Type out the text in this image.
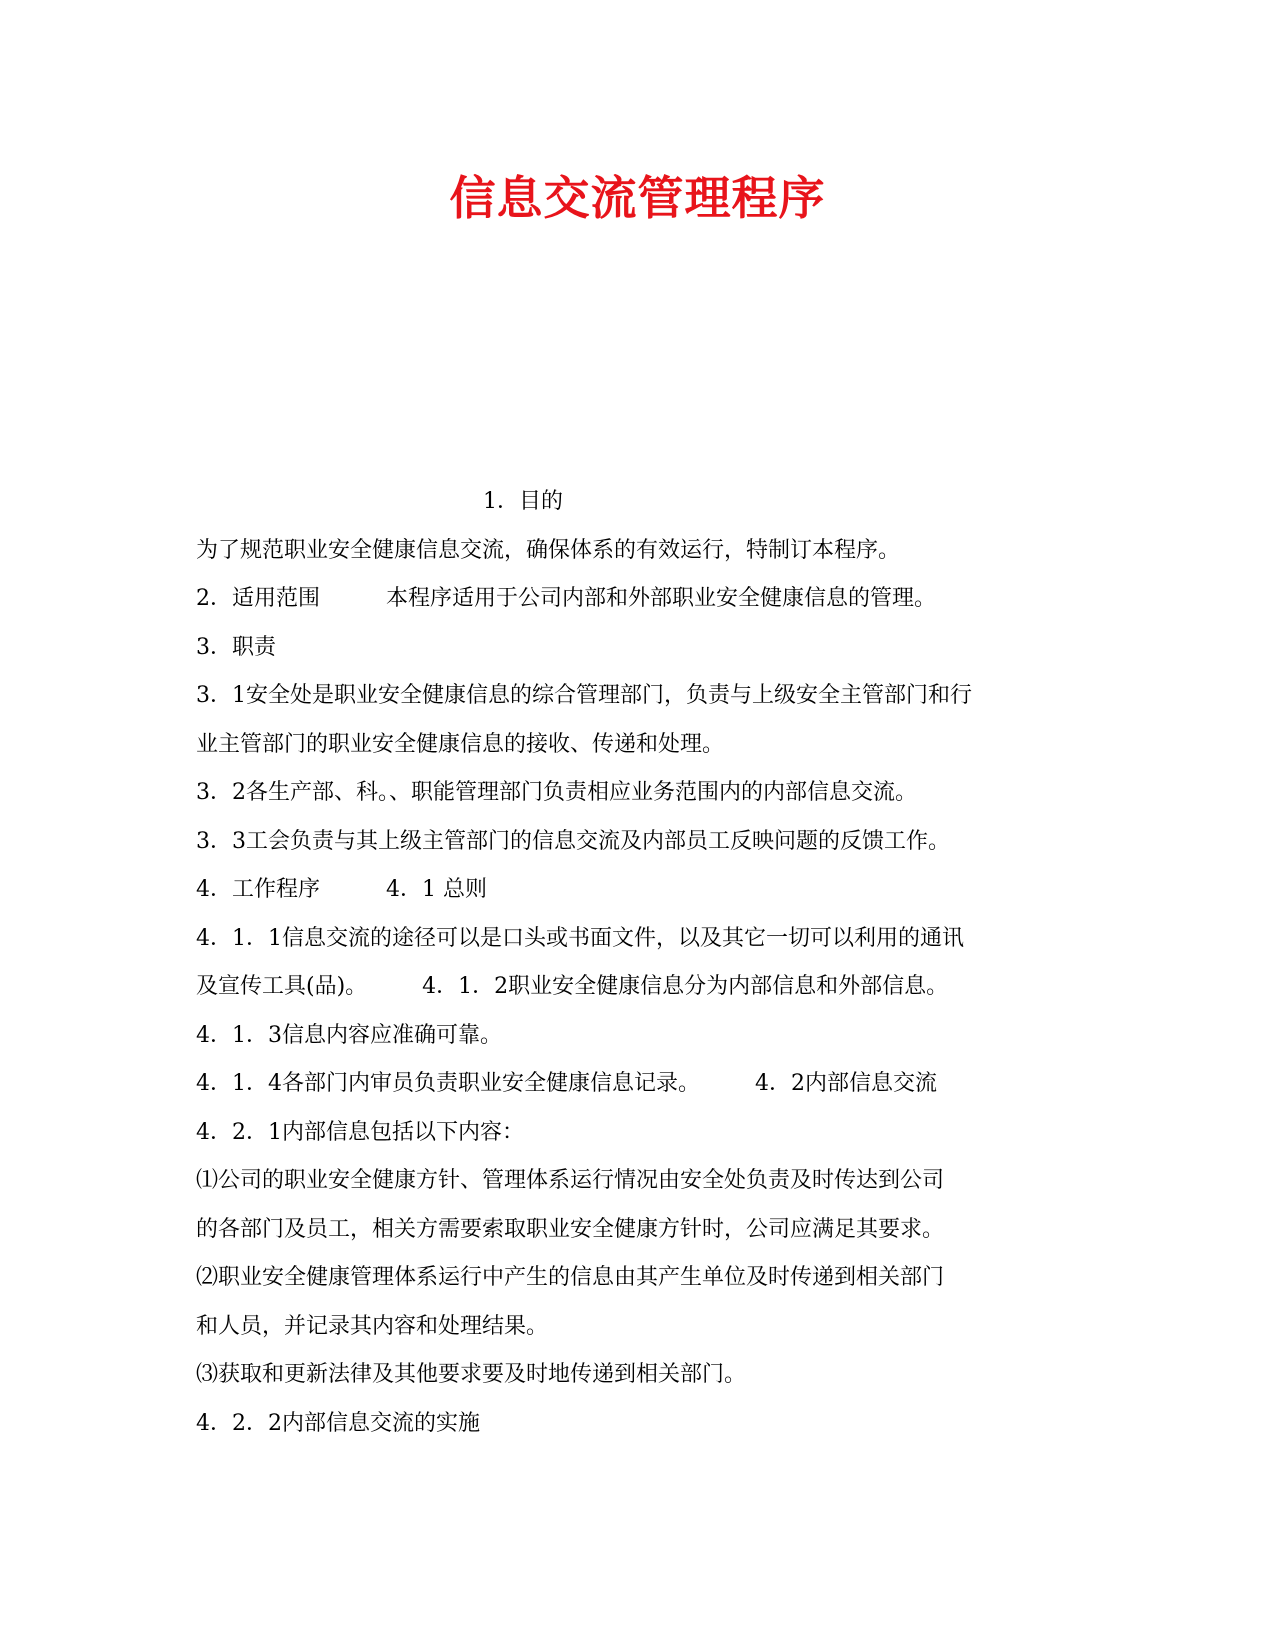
信息交流管理程序
1．目的
为了规范职业安全健康信息交流，确保体系的有效运行，特制订本程序。
2．适用范围　　　本程序适用于公司内部和外部职业安全健康信息的管理。
3．职责
3．1安全处是职业安全健康信息的综合管理部门，负责与上级安全主管部门和行
业主管部门的职业安全健康信息的接收、传递和处理。
3．2各生产部、科。、职能管理部门负责相应业务范围内的内部信息交流。
3．3工会负责与其上级主管部门的信息交流及内部员工反映问题的反馈工作。
4．工作程序　　　4．1 总则
4．1．1信息交流的途径可以是口头或书面文件，以及其它一切可以利用的通讯
及宣传工具(品)。　　　4．1．2职业安全健康信息分为内部信息和外部信息。
4．1．3信息内容应准确可靠。
4．1．4各部门内审员负责职业安全健康信息记录。　　　4．2内部信息交流
4．2．1内部信息包括以下内容：
⑴公司的职业安全健康方针、管理体系运行情况由安全处负责及时传达到公司
的各部门及员工，相关方需要索取职业安全健康方针时，公司应满足其要求。
⑵职业安全健康管理体系运行中产生的信息由其产生单位及时传递到相关部门
和人员，并记录其内容和处理结果。
⑶获取和更新法律及其他要求要及时地传递到相关部门。
4．2．2内部信息交流的实施
